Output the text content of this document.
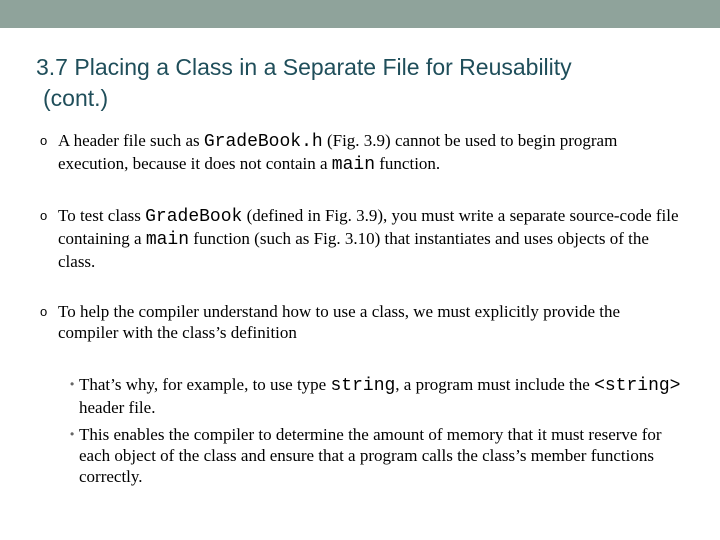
3.7 Placing a Class in a Separate File for Reusability
(cont.)
o A header file such as GradeBook.h (Fig. 3.9) cannot be used to begin program execution, because it does not contain a main function.
o To test class GradeBook (defined in Fig. 3.9), you must write a separate source-code file containing a main function (such as Fig. 3.10) that instantiates and uses objects of the class.
o To help the compiler understand how to use a class, we must explicitly provide the compiler with the class’s definition
• That’s why, for example, to use type string, a program must include the <string> header file.
• This enables the compiler to determine the amount of memory that it must reserve for each object of the class and ensure that a program calls the class’s member functions correctly.
